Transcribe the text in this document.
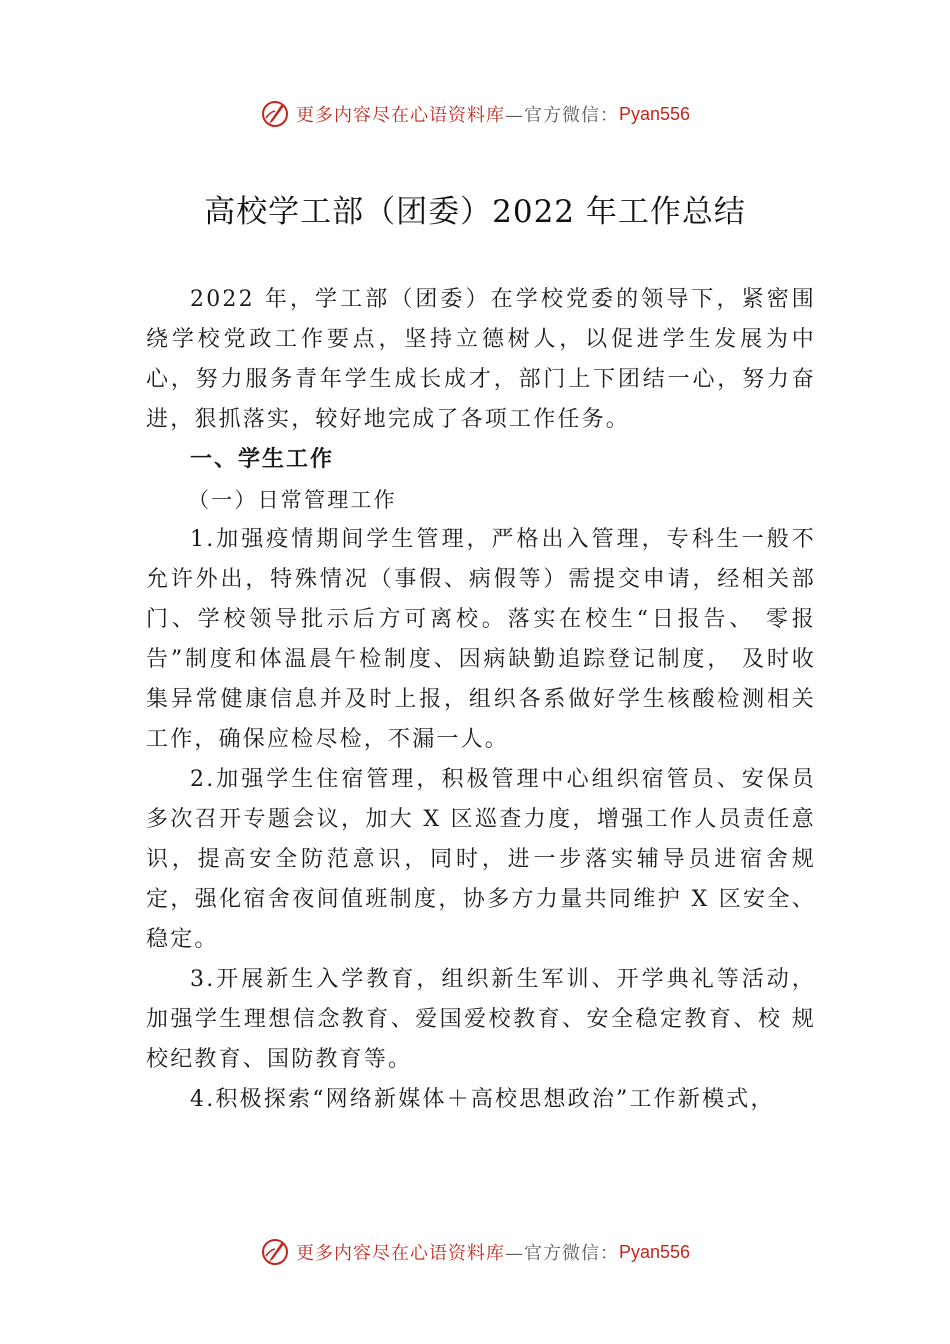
更多内容尽在心语资料库 —官方微信： Pyan556
高校学工部（团委）2022 年工作总结

2022 年，学工部（团委）在学校党委的领导下，紧密围绕学校党政工作要点，坚持立德树人，以促进学生发展为中心，努力服务青年学生成长成才，部门上下团结一心，努力奋进，狠抓落实，较好地完成了各项工作任务。

一、学生工作

（一）日常管理工作

1.加强疫情期间学生管理，严格出入管理，专科生一般不允许外出，特殊情况（事假、病假等）需提交申请，经相关部门、学校领导批示后方可离校。落实在校生“日报告、 零报告”制度和体温晨午检制度、因病缺勤追踪登记制度， 及时收集异常健康信息并及时上报，组织各系做好学生核酸检测相关工作，确保应检尽检，不漏一人。

2.加强学生住宿管理，积极管理中心组织宿管员、安保员多次召开专题会议，加大 X 区巡查力度，增强工作人员责任意识，提高安全防范意识，同时，进一步落实辅导员进宿舍规定，强化宿舍夜间值班制度，协多方力量共同维护 X 区安全、稳定。

3.开展新生入学教育，组织新生军训、开学典礼等活动，加强学生理想信念教育、爱国爱校教育、安全稳定教育、校 规校纪教育、国防教育等。

4.积极探索“网络新媒体＋高校思想政治”工作新模式，

更多内容尽在心语资料库 —官方微信： Pyan556
